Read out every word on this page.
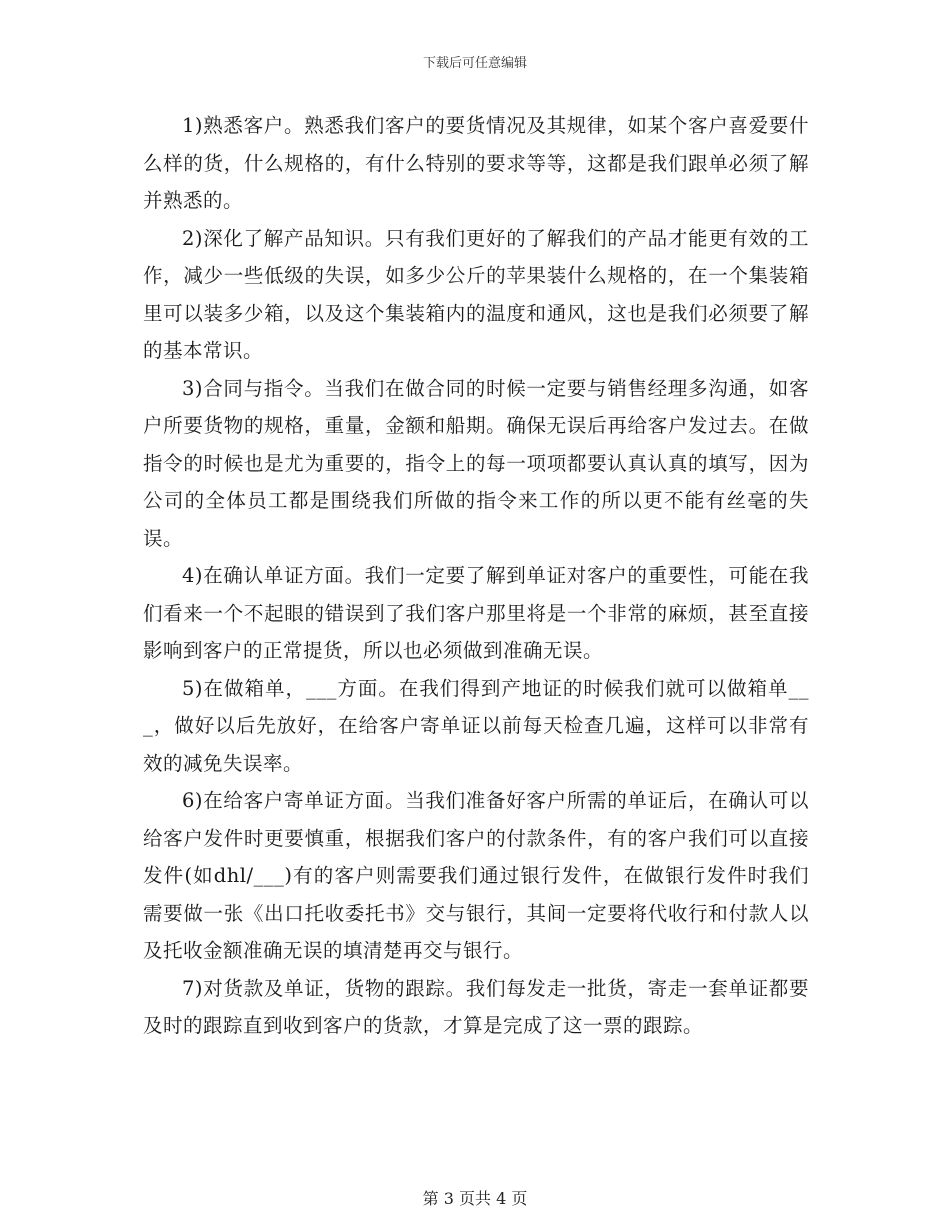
下载后可任意编辑

1)熟悉客户。熟悉我们客户的要货情况及其规律，如某个客户喜爱要什么样的货，什么规格的，有什么特别的要求等等，这都是我们跟单必须了解并熟悉的。

2)深化了解产品知识。只有我们更好的了解我们的产品才能更有效的工作，减少一些低级的失误，如多少公斤的苹果装什么规格的，在一个集装箱里可以装多少箱，以及这个集装箱内的温度和通风，这也是我们必须要了解的基本常识。

3)合同与指令。当我们在做合同的时候一定要与销售经理多沟通，如客户所要货物的规格，重量，金额和船期。确保无误后再给客户发过去。在做指令的时候也是尤为重要的，指令上的每一项项都要认真认真的填写，因为公司的全体员工都是围绕我们所做的指令来工作的所以更不能有丝毫的失误。

4)在确认单证方面。我们一定要了解到单证对客户的重要性，可能在我们看来一个不起眼的错误到了我们客户那里将是一个非常的麻烦，甚至直接影响到客户的正常提货，所以也必须做到准确无误。

5)在做箱单，___方面。在我们得到产地证的时候我们就可以做箱单___，做好以后先放好，在给客户寄单证以前每天检查几遍，这样可以非常有效的减免失误率。

6)在给客户寄单证方面。当我们准备好客户所需的单证后，在确认可以给客户发件时更要慎重，根据我们客户的付款条件，有的客户我们可以直接发件(如dhl/___)有的客户则需要我们通过银行发件，在做银行发件时我们需要做一张《出口托收委托书》交与银行，其间一定要将代收行和付款人以及托收金额准确无误的填清楚再交与银行。

7)对货款及单证，货物的跟踪。我们每发走一批货，寄走一套单证都要及时的跟踪直到收到客户的货款，才算是完成了这一票的跟踪。

第 3 页共 4 页
